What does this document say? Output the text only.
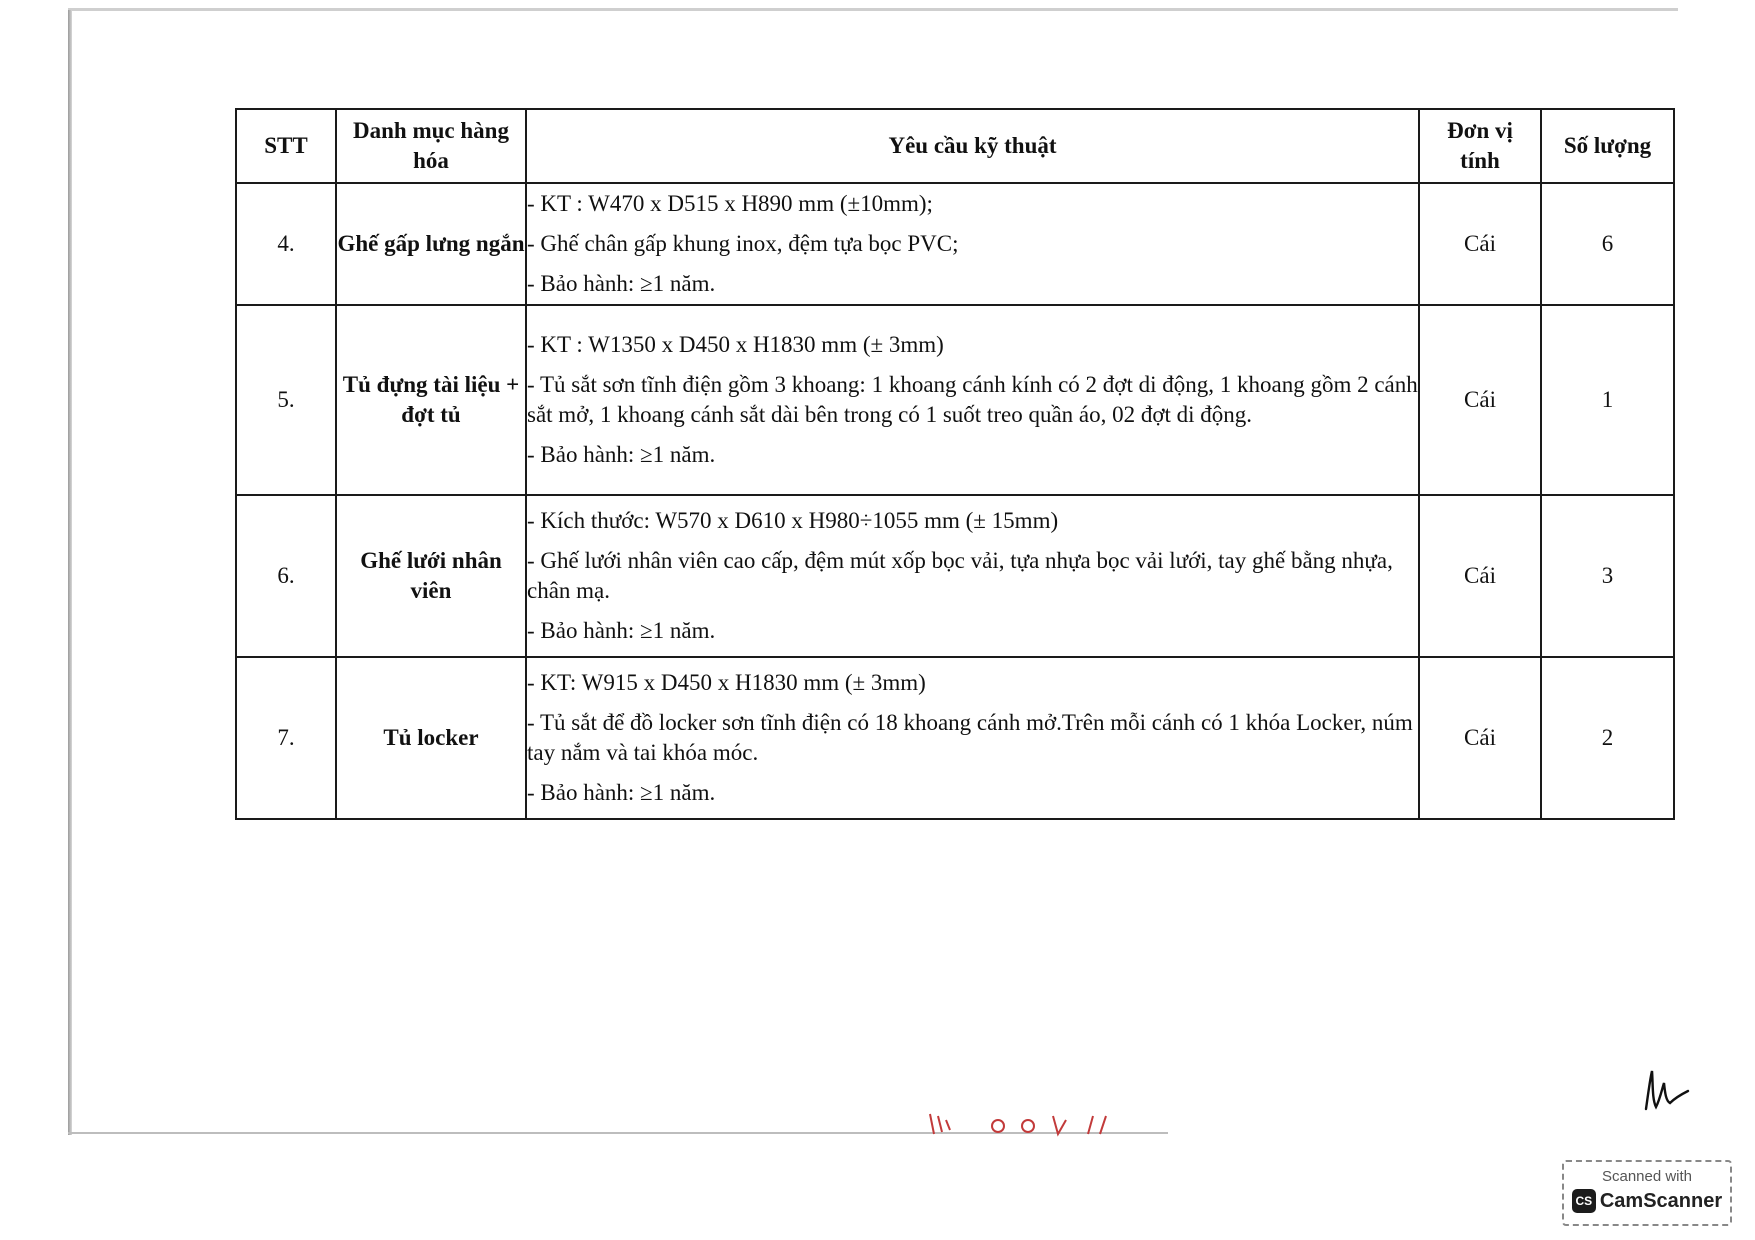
STT	Danh mục hàng hóa	Yêu cầu kỹ thuật	Đơn vị tính	Số lượng
4.	Ghế gấp lưng ngắn	- KT : W470 x D515 x H890 mm (±10mm);
- Ghế chân gấp khung inox, đệm tựa bọc PVC;
- Bảo hành: ≥1 năm.	Cái	6
5.	Tủ đựng tài liệu + đợt tủ	- KT : W1350 x D450 x H1830 mm (± 3mm)
- Tủ sắt sơn tĩnh điện gồm 3 khoang: 1 khoang cánh kính có 2 đợt di động, 1 khoang gồm 2 cánh sắt mở, 1 khoang cánh sắt dài bên trong có 1 suốt treo quần áo, 02 đợt di động.
- Bảo hành: ≥1 năm.	Cái	1
6.	Ghế lưới nhân viên	- Kích thước: W570 x D610 x H980÷1055 mm (± 15mm)
- Ghế lưới nhân viên cao cấp, đệm mút xốp bọc vải, tựa nhựa bọc vải lưới, tay ghế bằng nhựa, chân mạ.
- Bảo hành: ≥1 năm.	Cái	3
7.	Tủ locker	- KT: W915 x D450 x H1830 mm (± 3mm)
- Tủ sắt để đồ locker sơn tĩnh điện có 18 khoang cánh mở.Trên mỗi cánh có 1 khóa Locker, núm tay nắm và tai khóa móc.
- Bảo hành: ≥1 năm.	Cái	2
Scanned with
CS CamScanner
